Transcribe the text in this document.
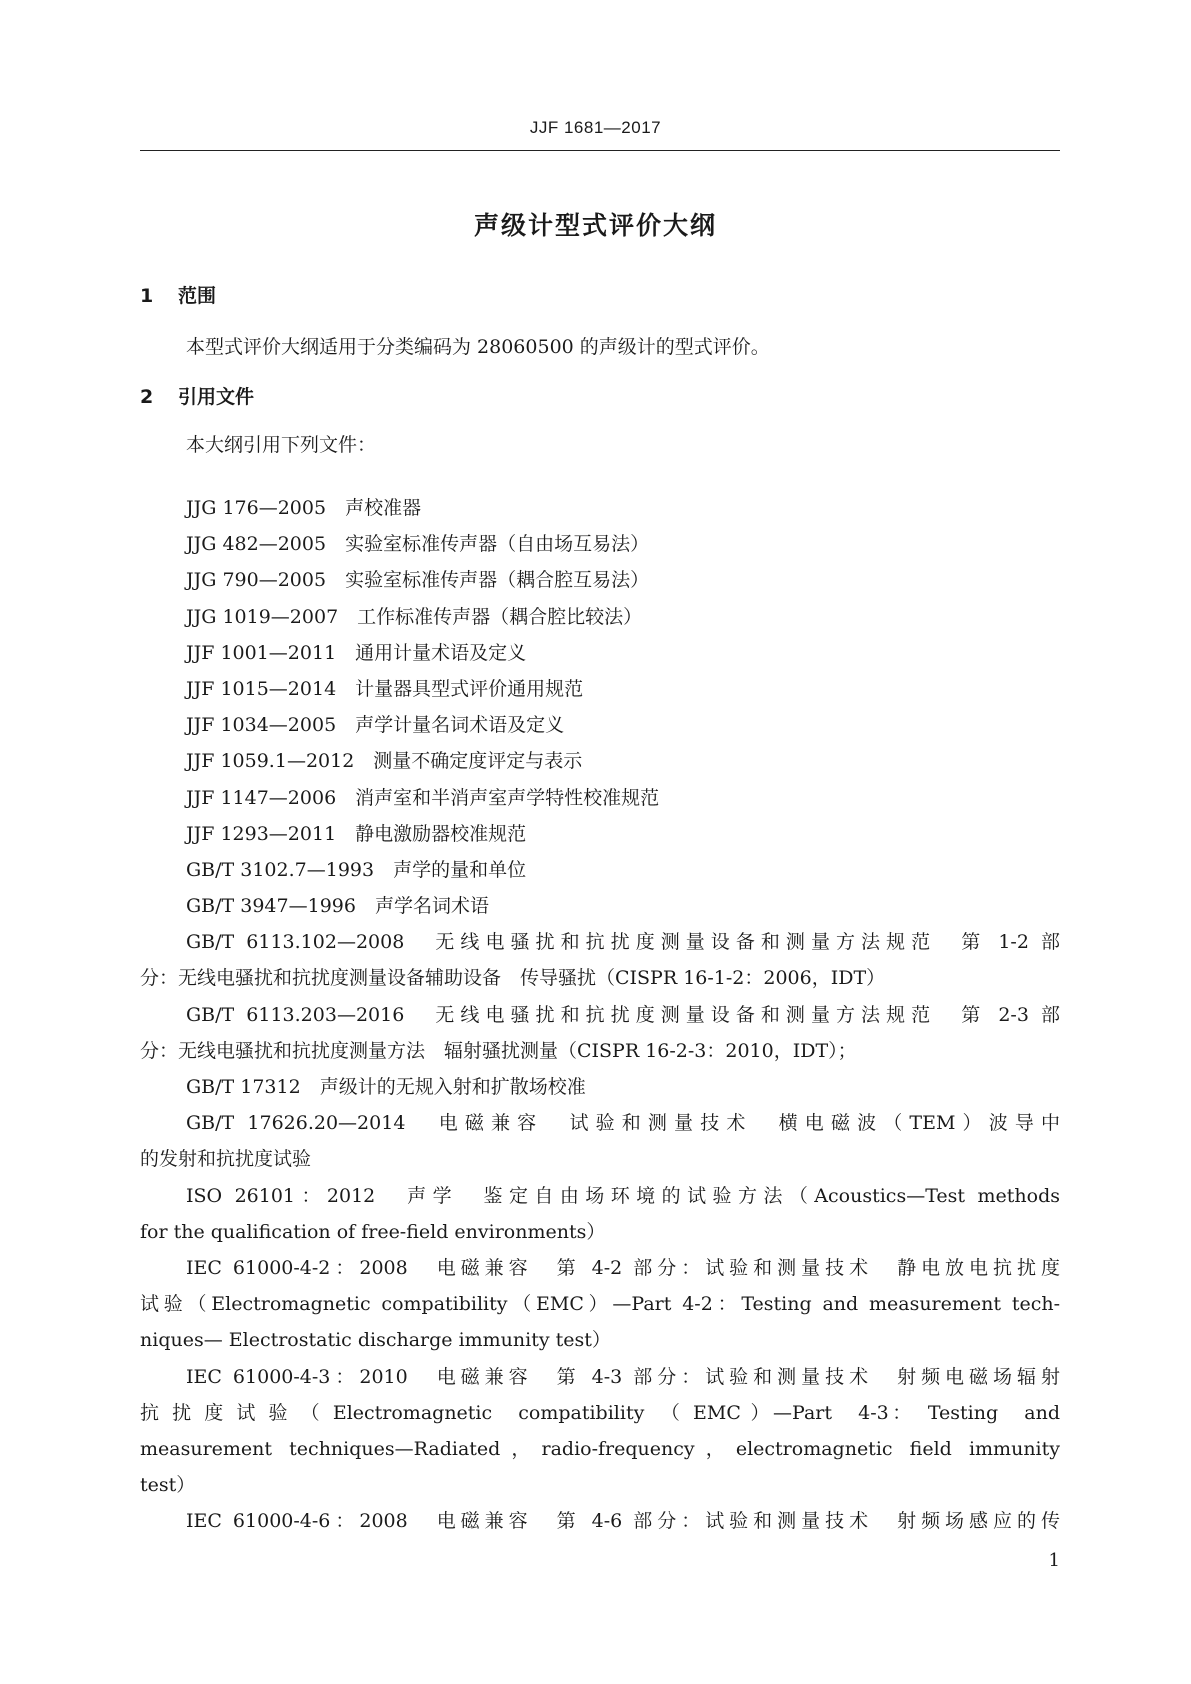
JJF 1681—2017
声级计型式评价大纲
1 范围
本型式评价大纲适用于分类编码为 28060500 的声级计的型式评价。
2 引用文件
本大纲引用下列文件：
JJG 176—2005　声校准器
JJG 482—2005　实验室标准传声器（自由场互易法）
JJG 790—2005　实验室标准传声器（耦合腔互易法）
JJG 1019—2007　工作标准传声器（耦合腔比较法）
JJF 1001—2011　通用计量术语及定义
JJF 1015—2014　计量器具型式评价通用规范
JJF 1034—2005　声学计量名词术语及定义
JJF 1059.1—2012　测量不确定度评定与表示
JJF 1147—2006　消声室和半消声室声学特性校准规范
JJF 1293—2011　静电激励器校准规范
GB/T 3102.7—1993　声学的量和单位
GB/T 3947—1996　声学名词术语
GB/T 6113.102—2008　无线电骚扰和抗扰度测量设备和测量方法规范　第 1-2 部
分：无线电骚扰和抗扰度测量设备辅助设备　传导骚扰（CISPR 16-1-2：2006，IDT）
GB/T 6113.203—2016　无线电骚扰和抗扰度测量设备和测量方法规范　第 2-3 部
分：无线电骚扰和抗扰度测量方法　辐射骚扰测量（CISPR 16-2-3：2010，IDT）；
GB/T 17312　声级计的无规入射和扩散场校准
GB/T 17626.20—2014　电磁兼容　试验和测量技术　横电磁波（TEM）波导中
的发射和抗扰度试验
ISO 26101：2012　声学　鉴定自由场环境的试验方法（Acoustics—Test methods
for the qualification of free-field environments）
IEC 61000-4-2：2008　电磁兼容　第 4-2 部分：试验和测量技术　静电放电抗扰度
试验（Electromagnetic compatibility（EMC）—Part 4-2：Testing and measurement tech-
niques— Electrostatic discharge immunity test）
IEC 61000-4-3：2010　电磁兼容　第 4-3 部分：试验和测量技术　射频电磁场辐射
抗 扰 度 试 验 （ Electromagnetic　compatibility　（ EMC ）—Part　4-3：　Testing　and
measurement techniques—Radiated，radio-frequency，electromagnetic field immunity
test）
IEC 61000-4-6：2008　电磁兼容　第 4-6 部分：试验和测量技术　射频场感应的传
1
